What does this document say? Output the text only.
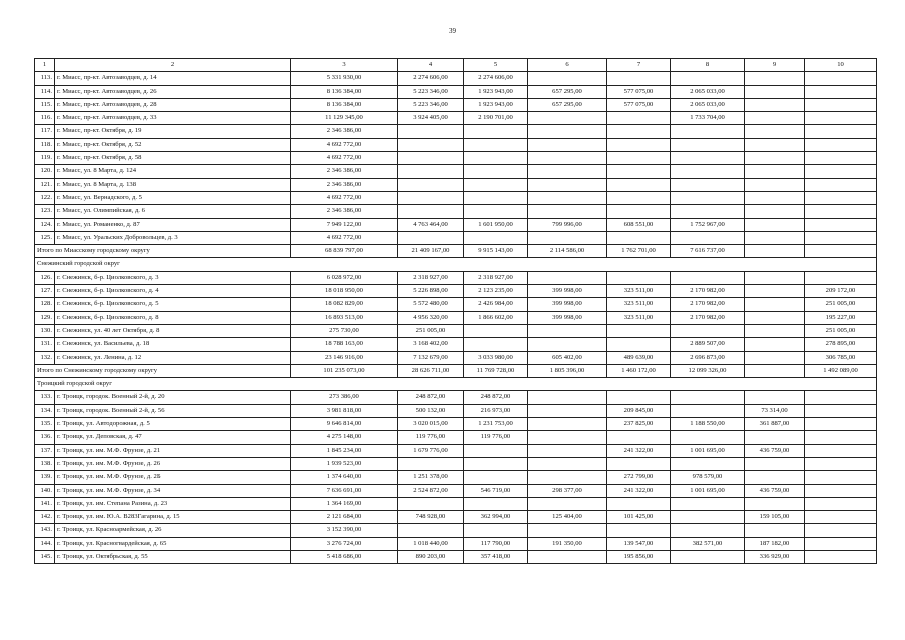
39
1	2	3	4	5	6	7	8	9	10
113.	г. Миасс, пр-кт. Автозаводцев, д. 14	5 331 930,00	2 274 606,00	2 274 606,00					
114.	г. Миасс, пр-кт. Автозаводцев, д. 26	8 136 384,00	5 223 346,00	1 923 943,00	657 295,00	577 075,00	2 065 033,00		
115.	г. Миасс, пр-кт. Автозаводцев, д. 28	8 136 384,00	5 223 346,00	1 923 943,00	657 295,00	577 075,00	2 065 033,00		
116.	г. Миасс, пр-кт. Автозаводцев, д. 33	11 129 345,00	3 924 405,00	2 190 701,00			1 733 704,00		
117.	г. Миасс, пр-кт. Октября, д. 19	2 346 386,00							
118.	г. Миасс, пр-кт. Октября, д. 52	4 692 772,00							
119.	г. Миасс, пр-кт. Октября, д. 58	4 692 772,00							
120.	г. Миасс, ул. 8 Марта, д. 124	2 346 386,00							
121.	г. Миасс, ул. 8 Марта, д. 138	2 346 386,00							
122.	г. Миасс, ул. Вернадского, д. 5	4 692 772,00							
123.	г. Миасс, ул. Олимпийская, д. 6	2 346 386,00							
124.	г. Миасс, ул. Романенко, д. 87	7 949 122,00	4 763 464,00	1 601 950,00	799 996,00	608 551,00	1 752 967,00		
125.	г. Миасс, ул. Уральских Добровольцев, д. 3	4 692 772,00							
Итого по Миасскому городскому округу		68 839 797,00	21 409 167,00	9 915 143,00	2 114 586,00	1 762 701,00	7 616 737,00		
Снежинский городской округ									
126.	г. Снежинск, б-р. Циолковского, д. 3	6 028 972,00	2 318 927,00	2 318 927,00					
127.	г. Снежинск, б-р. Циолковского, д. 4	18 018 950,00	5 226 898,00	2 123 235,00	399 998,00	323 511,00	2 170 982,00		209 172,00
128.	г. Снежинск, б-р. Циолковского, д. 5	18 082 829,00	5 572 480,00	2 426 984,00	399 998,00	323 511,00	2 170 982,00		251 005,00
129.	г. Снежинск, б-р. Циолковского, д. 8	16 893 513,00	4 956 320,00	1 866 602,00	399 998,00	323 511,00	2 170 982,00		195 227,00
130.	г. Снежинск, ул. 40 лет Октября, д. 8	275 730,00	251 005,00						251 005,00
131.	г. Снежинск, ул. Васильева, д. 18	18 788 163,00	3 168 402,00				2 889 507,00		278 895,00
132.	г. Снежинск, ул. Ленина, д. 12	23 146 916,00	7 132 679,00	3 033 980,00	605 402,00	489 639,00	2 696 873,00		306 785,00
Итого по Снежинскому городскому округу		101 235 073,00	28 626 711,00	11 769 728,00	1 805 396,00	1 460 172,00	12 099 326,00		1 492 089,00
Троицкий городской округ									
133.	г. Троицк, городок. Военный 2-й, д. 20	273 386,00	248 872,00	248 872,00					
134.	г. Троицк, городок. Военный 2-й, д. 56	3 981 818,00	500 132,00	216 973,00		209 845,00		73 314,00	
135.	г. Троицк, ул. Автодорожная, д. 5	9 646 814,00	3 020 015,00	1 231 753,00		237 825,00	1 188 550,00	361 887,00	
136.	г. Троицк, ул. Деповская, д. 47	4 275 148,00	119 776,00	119 776,00					
137.	г. Троицк, ул. им. М.Ф. Фрунзе, д. 21	1 845 234,00	1 679 776,00			241 322,00	1 001 695,00	436 759,00	
138.	г. Троицк, ул. им. М.Ф. Фрунзе, д. 26	1 939 523,00							
139.	г. Троицк, ул. им. М.Ф. Фрунзе, д. 2Б	1 374 640,00	1 251 378,00			272 799,00	978 579,00		
140.	г. Троицк, ул. им. М.Ф. Фрунзе, д. 34	7 636 691,00	2 524 872,00	546 719,00	298 377,00	241 322,00	1 001 695,00	436 759,00	
141.	г. Троицк, ул. им. Степана Разина, д. 23	1 364 169,00							
142.	г. Троицк, ул. им. Ю.А. В283Гагарина, д. 15	2 121 684,00	748 928,00	362 994,00	125 404,00	101 425,00		159 105,00	
143.	г. Троицк, ул. Красноармейская, д. 26	3 152 390,00							
144.	г. Троицк, ул. Красногвардейская, д. 65	3 276 724,00	1 018 440,00	117 790,00	191 350,00	139 547,00	382 571,00	187 182,00	
145.	г. Троицк, ул. Октябрьская, д. 55	5 418 686,00	890 203,00	357 418,00		195 856,00		336 929,00	
